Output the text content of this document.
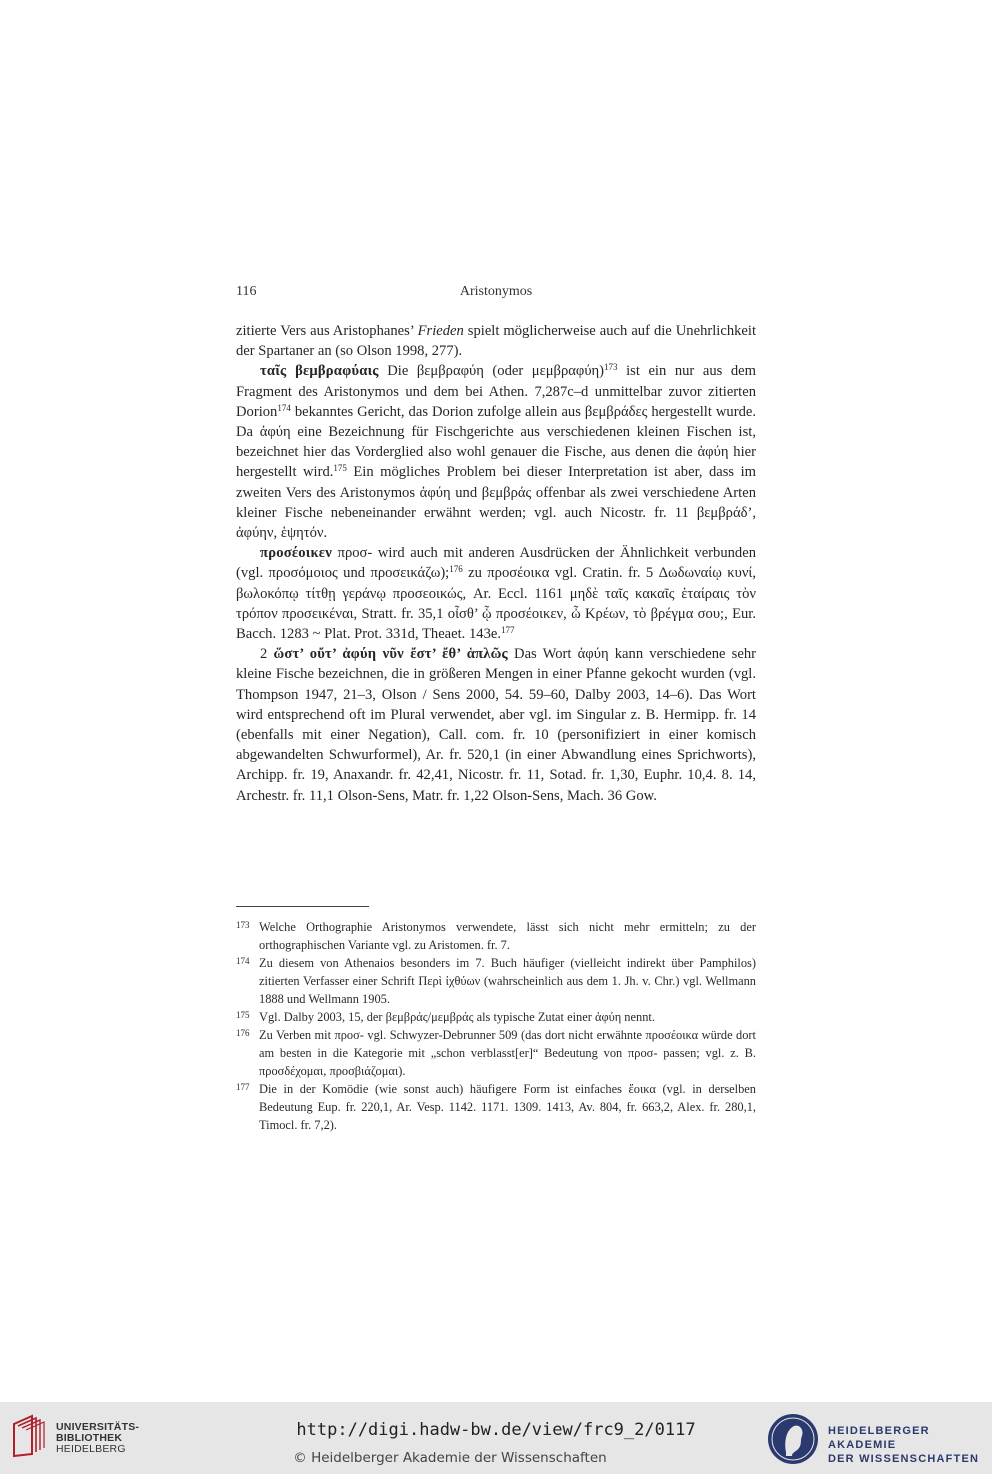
116	Aristonymos

zitierte Vers aus Aristophanes’ Frieden spielt möglicherweise auch auf die Unehrlichkeit der Spartaner an (so Olson 1998, 277).

ταῖς βεμβραφύαις Die βεμβραφύη (oder μεμβραφύη)$^{173}$ ist ein nur aus dem Fragment des Aristonymos und dem bei Athen. 7,287c–d unmittelbar zuvor zitierten Dorion$^{174}$ bekanntes Gericht, das Dorion zufolge allein aus βεμβράδες hergestellt wurde. Da ἀφύη eine Bezeichnung für Fischgerichte aus verschiedenen kleinen Fischen ist, bezeichnet hier das Vorderglied also wohl genauer die Fische, aus denen die ἀφύη hier hergestellt wird.$^{175}$ Ein mögliches Problem bei dieser Interpretation ist aber, dass im zweiten Vers des Aristonymos ἀφύη und βεμβράς offenbar als zwei verschiedene Arten kleiner Fische nebeneinander erwähnt werden; vgl. auch Nicostr. fr. 11 βεμβράδ’, ἀφύην, ἑψητόν.

προσέοικεν προσ- wird auch mit anderen Ausdrücken der Ähnlichkeit verbunden (vgl. προσόμοιος und προσεικάζω);$^{176}$ zu προσέοικα vgl. Cratin. fr. 5 Δωδωναίῳ κυνί, βωλοκόπῳ τίτθῃ γεράνῳ προσεοικώς, Ar. Eccl. 1161 μηδὲ ταῖς κακαῖς ἑταίραις τὸν τρόπον προσεικέναι, Stratt. fr. 35,1 οἶσθ’ ᾧ προσέοικεν, ὦ Κρέων, τὸ βρέγμα σου;, Eur. Bacch. 1283 ~ Plat. Prot. 331d, Theaet. 143e.$^{177}$

2 ὥστ’ οὔτ’ ἀφύη νῦν ἔστ’ ἔθ’ ἁπλῶς Das Wort ἀφύη kann verschiedene sehr kleine Fische bezeichnen, die in größeren Mengen in einer Pfanne gekocht wurden (vgl. Thompson 1947, 21–3, Olson / Sens 2000, 54. 59–60, Dalby 2003, 14–6). Das Wort wird entsprechend oft im Plural verwendet, aber vgl. im Singular z. B. Hermipp. fr. 14 (ebenfalls mit einer Negation), Call. com. fr. 10 (personifiziert in einer komisch abgewandelten Schwurformel), Ar. fr. 520,1 (in einer Abwandlung eines Sprichworts), Archipp. fr. 19, Anaxandr. fr. 42,41, Nicostr. fr. 11, Sotad. fr. 1,30, Euphr. 10,4. 8. 14, Archestr. fr. 11,1 Olson-Sens, Matr. fr. 1,22 Olson-Sens, Mach. 36 Gow.

173 Welche Orthographie Aristonymos verwendete, lässt sich nicht mehr ermitteln; zu der orthographischen Variante vgl. zu Aristomen. fr. 7.

174 Zu diesem von Athenaios besonders im 7. Buch häufiger (vielleicht indirekt über Pamphilos) zitierten Verfasser einer Schrift Περὶ ἰχθύων (wahrscheinlich aus dem 1. Jh. v. Chr.) vgl. Wellmann 1888 und Wellmann 1905.

175 Vgl. Dalby 2003, 15, der βεμβράς/μεμβράς als typische Zutat einer ἀφύη nennt.

176 Zu Verben mit προσ- vgl. Schwyzer-Debrunner 509 (das dort nicht erwähnte προσέοικα würde dort am besten in die Kategorie mit „schon verblasst[er]“ Bedeutung von προσ- passen; vgl. z. B. προσδέχομαι, προσβιάζομαι).

177 Die in der Komödie (wie sonst auch) häufigere Form ist einfaches ἔοικα (vgl. in derselben Bedeutung Eup. fr. 220,1, Ar. Vesp. 1142. 1171. 1309. 1413, Av. 804, fr. 663,2, Alex. fr. 280,1, Timocl. fr. 7,2).

UNIVERSITÄTS-
BIBLIOTHEK
HEIDELBERG
http://digi.hadw-bw.de/view/frc9_2/0117
© Heidelberger Akademie der Wissenschaften
HEIDELBERGER AKADEMIE
DER WISSENSCHAFTEN
